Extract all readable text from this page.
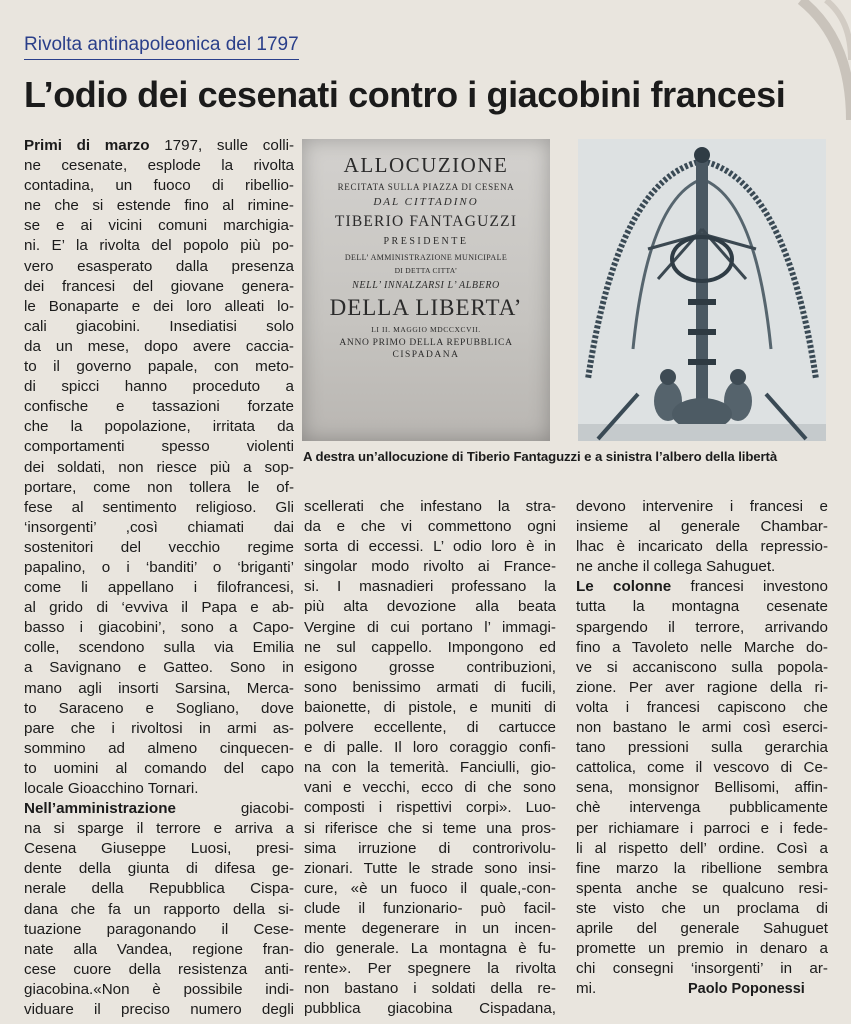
Rivolta antinapoleonica del 1797
L’odio dei cesenati contro i giacobini francesi
Primi di marzo 1797, sulle colli-
ne cesenate, esplode la rivolta
contadina, un fuoco di ribellio-
ne che si estende fino al rimine-
se e ai vicini comuni marchigia-
ni. E’ la rivolta del popolo più po-
vero esasperato dalla presenza
dei francesi del giovane genera-
le Bonaparte e dei loro alleati lo-
cali giacobini. Insediatisi solo
da un mese, dopo avere caccia-
to il governo papale, con meto-
di spicci hanno proceduto a
confische e tassazioni forzate
che la popolazione, irritata da
comportamenti spesso violenti
dei soldati, non riesce più a sop-
portare, come non tollera le of-
fese al sentimento religioso. Gli
‘insorgenti’ ,così chiamati dai
sostenitori del vecchio regime
papalino, o i ‘banditi’ o ‘briganti’
come li appellano i filofrancesi,
al grido di ‘evviva il Papa e ab-
basso i giacobini’, sono a Capo-
colle, scendono sulla via Emilia
a Savignano e Gatteo. Sono in
mano agli insorti Sarsina, Merca-
to Saraceno e Sogliano, dove
pare che i rivoltosi in armi as-
sommino ad almeno cinquecen-
to uomini al comando del capo
locale Gioacchino Tornari.
Nell’amministrazione giacobi-
na si sparge il terrore e arriva a
Cesena Giuseppe Luosi, presi-
dente della giunta di difesa ge-
nerale della Repubblica Cispa-
dana che fa un rapporto della si-
tuazione paragonando il Cese-
nate alla Vandea, regione fran-
cese cuore della resistenza anti-
giacobina.«Non è possibile indi-
viduare il preciso numero degli
ALLOCUZIONE
RECITATA SULLA PIAZZA DI CESENA
DAL CITTADINO
TIBERIO FANTAGUZZI
PRESIDENTE
DELL’ AMMINISTRAZIONE MUNICIPALE
DI DETTA CITTA’
NELL’ INNALZARSI L’ ALBERO
DELLA LIBERTA’
LI II. MAGGIO MDCCXCVII.
ANNO PRIMO DELLA REPUBBLICA
CISPADANA
A destra un’allocuzione di Tiberio Fantaguzzi e a sinistra l’albero della libertà
scellerati che infestano la stra-
da e che vi commettono ogni
sorta di eccessi. L’ odio loro è in
singolar modo rivolto ai France-
si. I masnadieri professano la
più alta devozione alla beata
Vergine di cui portano l’ immagi-
ne sul cappello. Impongono ed
esigono grosse contribuzioni,
sono benissimo armati di fucili,
baionette, di pistole, e muniti di
polvere eccellente, di cartucce
e di palle. Il loro coraggio confi-
na con la temerità. Fanciulli, gio-
vani e vecchi, ecco di che sono
composti i rispettivi corpi». Luo-
si riferisce che si teme una pros-
sima irruzione di controrivolu-
zionari. Tutte le strade sono insi-
cure, «è un fuoco il quale,-con-
clude il funzionario- può facil-
mente degenerare in un incen-
dio generale. La montagna è fu-
rente». Per spegnere la rivolta
non bastano i soldati della re-
pubblica giacobina Cispadana,
devono intervenire i francesi e
insieme al generale Chambar-
lhac è incaricato della repressio-
ne anche il collega Sahuguet.
Le colonne francesi investono
tutta la montagna cesenate
spargendo il terrore, arrivando
fino a Tavoleto nelle Marche do-
ve si accaniscono sulla popola-
zione. Per aver ragione della ri-
volta i francesi capiscono che
non bastano le armi così eserci-
tano pressioni sulla gerarchia
cattolica, come il vescovo di Ce-
sena, monsignor Bellisomi, affin-
chè intervenga pubblicamente
per richiamare i parroci e i fede-
li al rispetto dell’ ordine. Così a
fine marzo la ribellione sembra
spenta anche se qualcuno resi-
ste visto che un proclama di
aprile del generale Sahuguet
promette un premio in denaro a
chi consegni ‘insorgenti’ in ar-
mi.	Paolo Poponessi
